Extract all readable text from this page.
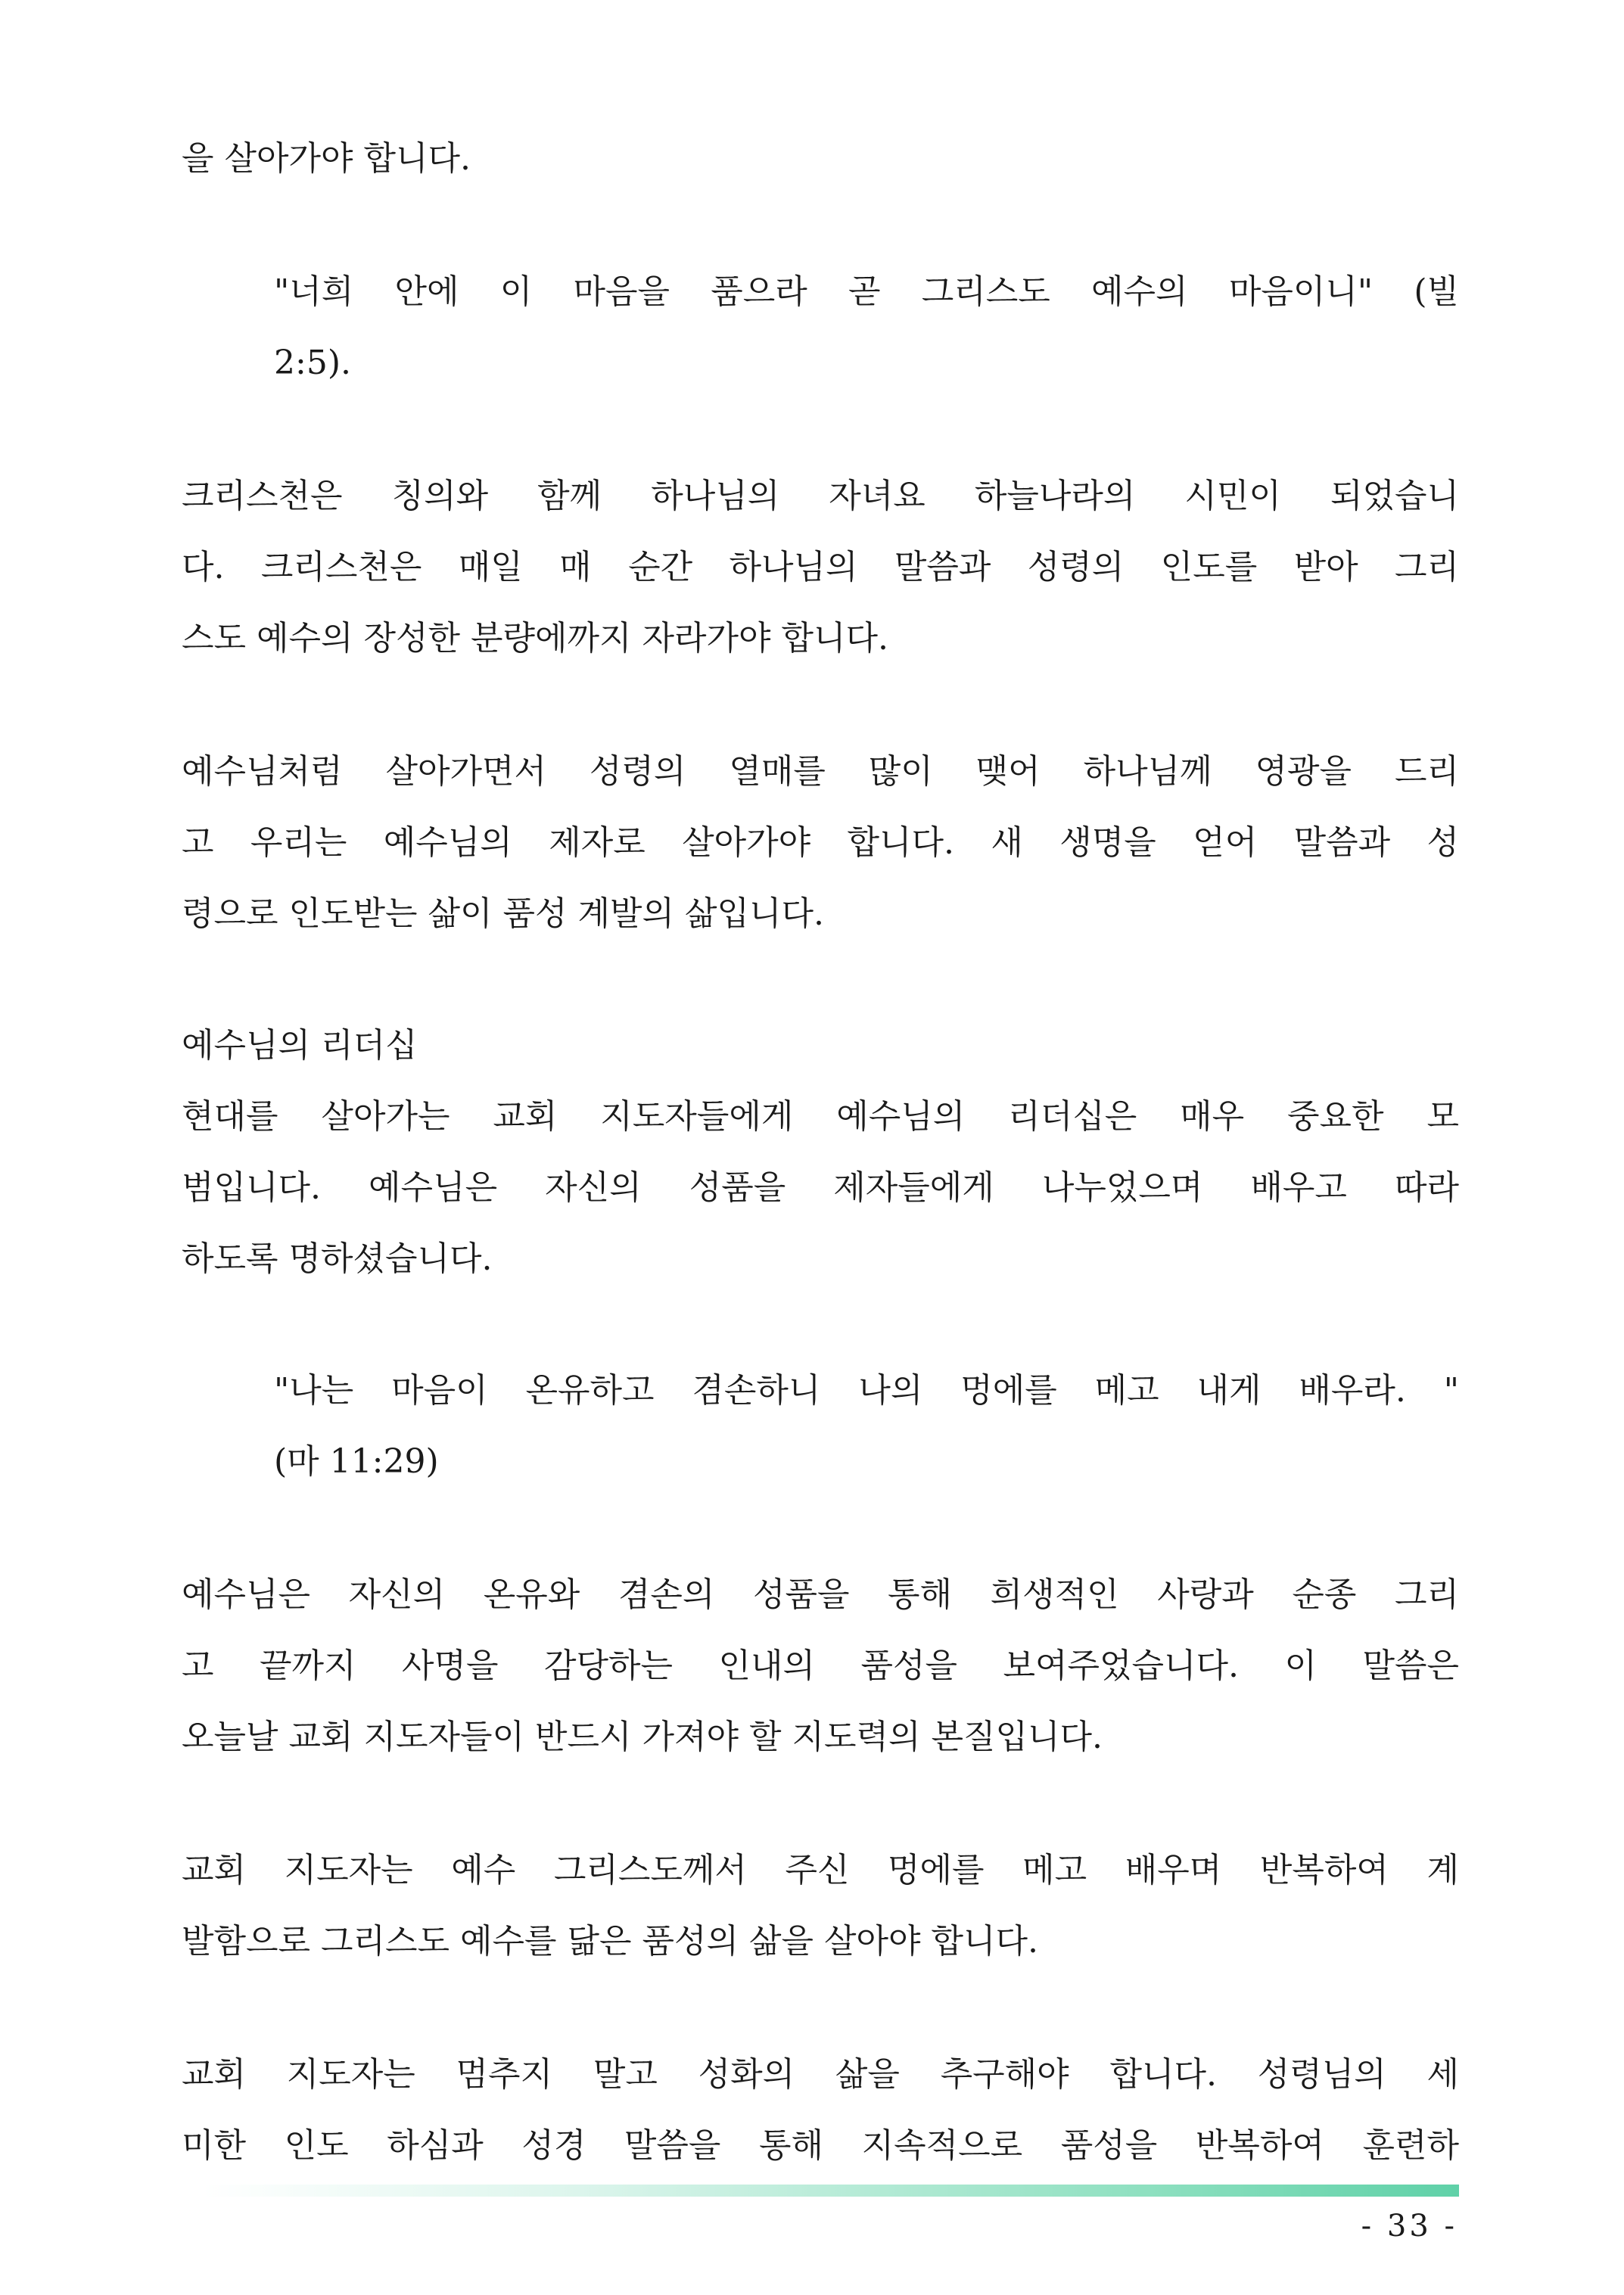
을 살아가야 합니다.
"너희 안에 이 마음을 품으라 곧 그리스도 예수의 마음이니" (빌
2:5).
크리스천은 칭의와 함께 하나님의 자녀요 하늘나라의 시민이 되었습니
다. 크리스천은 매일 매 순간 하나님의 말씀과 성령의 인도를 받아 그리
스도 예수의 장성한 분량에까지 자라가야 합니다.
예수님처럼 살아가면서 성령의 열매를 많이 맺어 하나님께 영광을 드리
고 우리는 예수님의 제자로 살아가야 합니다. 새 생명을 얻어 말씀과 성
령으로 인도받는 삶이 품성 계발의 삶입니다.
예수님의 리더십
현대를 살아가는 교회 지도자들에게 예수님의 리더십은 매우 중요한 모
범입니다. 예수님은 자신의 성품을 제자들에게 나누었으며 배우고 따라
하도록 명하셨습니다.
"나는 마음이 온유하고 겸손하니 나의 멍에를 메고 내게 배우라. "
(마 11:29)
예수님은 자신의 온유와 겸손의 성품을 통해 희생적인 사랑과 순종 그리
고 끝까지 사명을 감당하는 인내의 품성을 보여주었습니다. 이 말씀은
오늘날 교회 지도자들이 반드시 가져야 할 지도력의 본질입니다.
교회 지도자는 예수 그리스도께서 주신 멍에를 메고 배우며 반복하여 계
발함으로 그리스도 예수를 닮은 품성의 삶을 살아야 합니다.
교회 지도자는 멈추지 말고 성화의 삶을 추구해야 합니다. 성령님의 세
미한 인도 하심과 성경 말씀을 통해 지속적으로 품성을 반복하여 훈련하
- 33 -
